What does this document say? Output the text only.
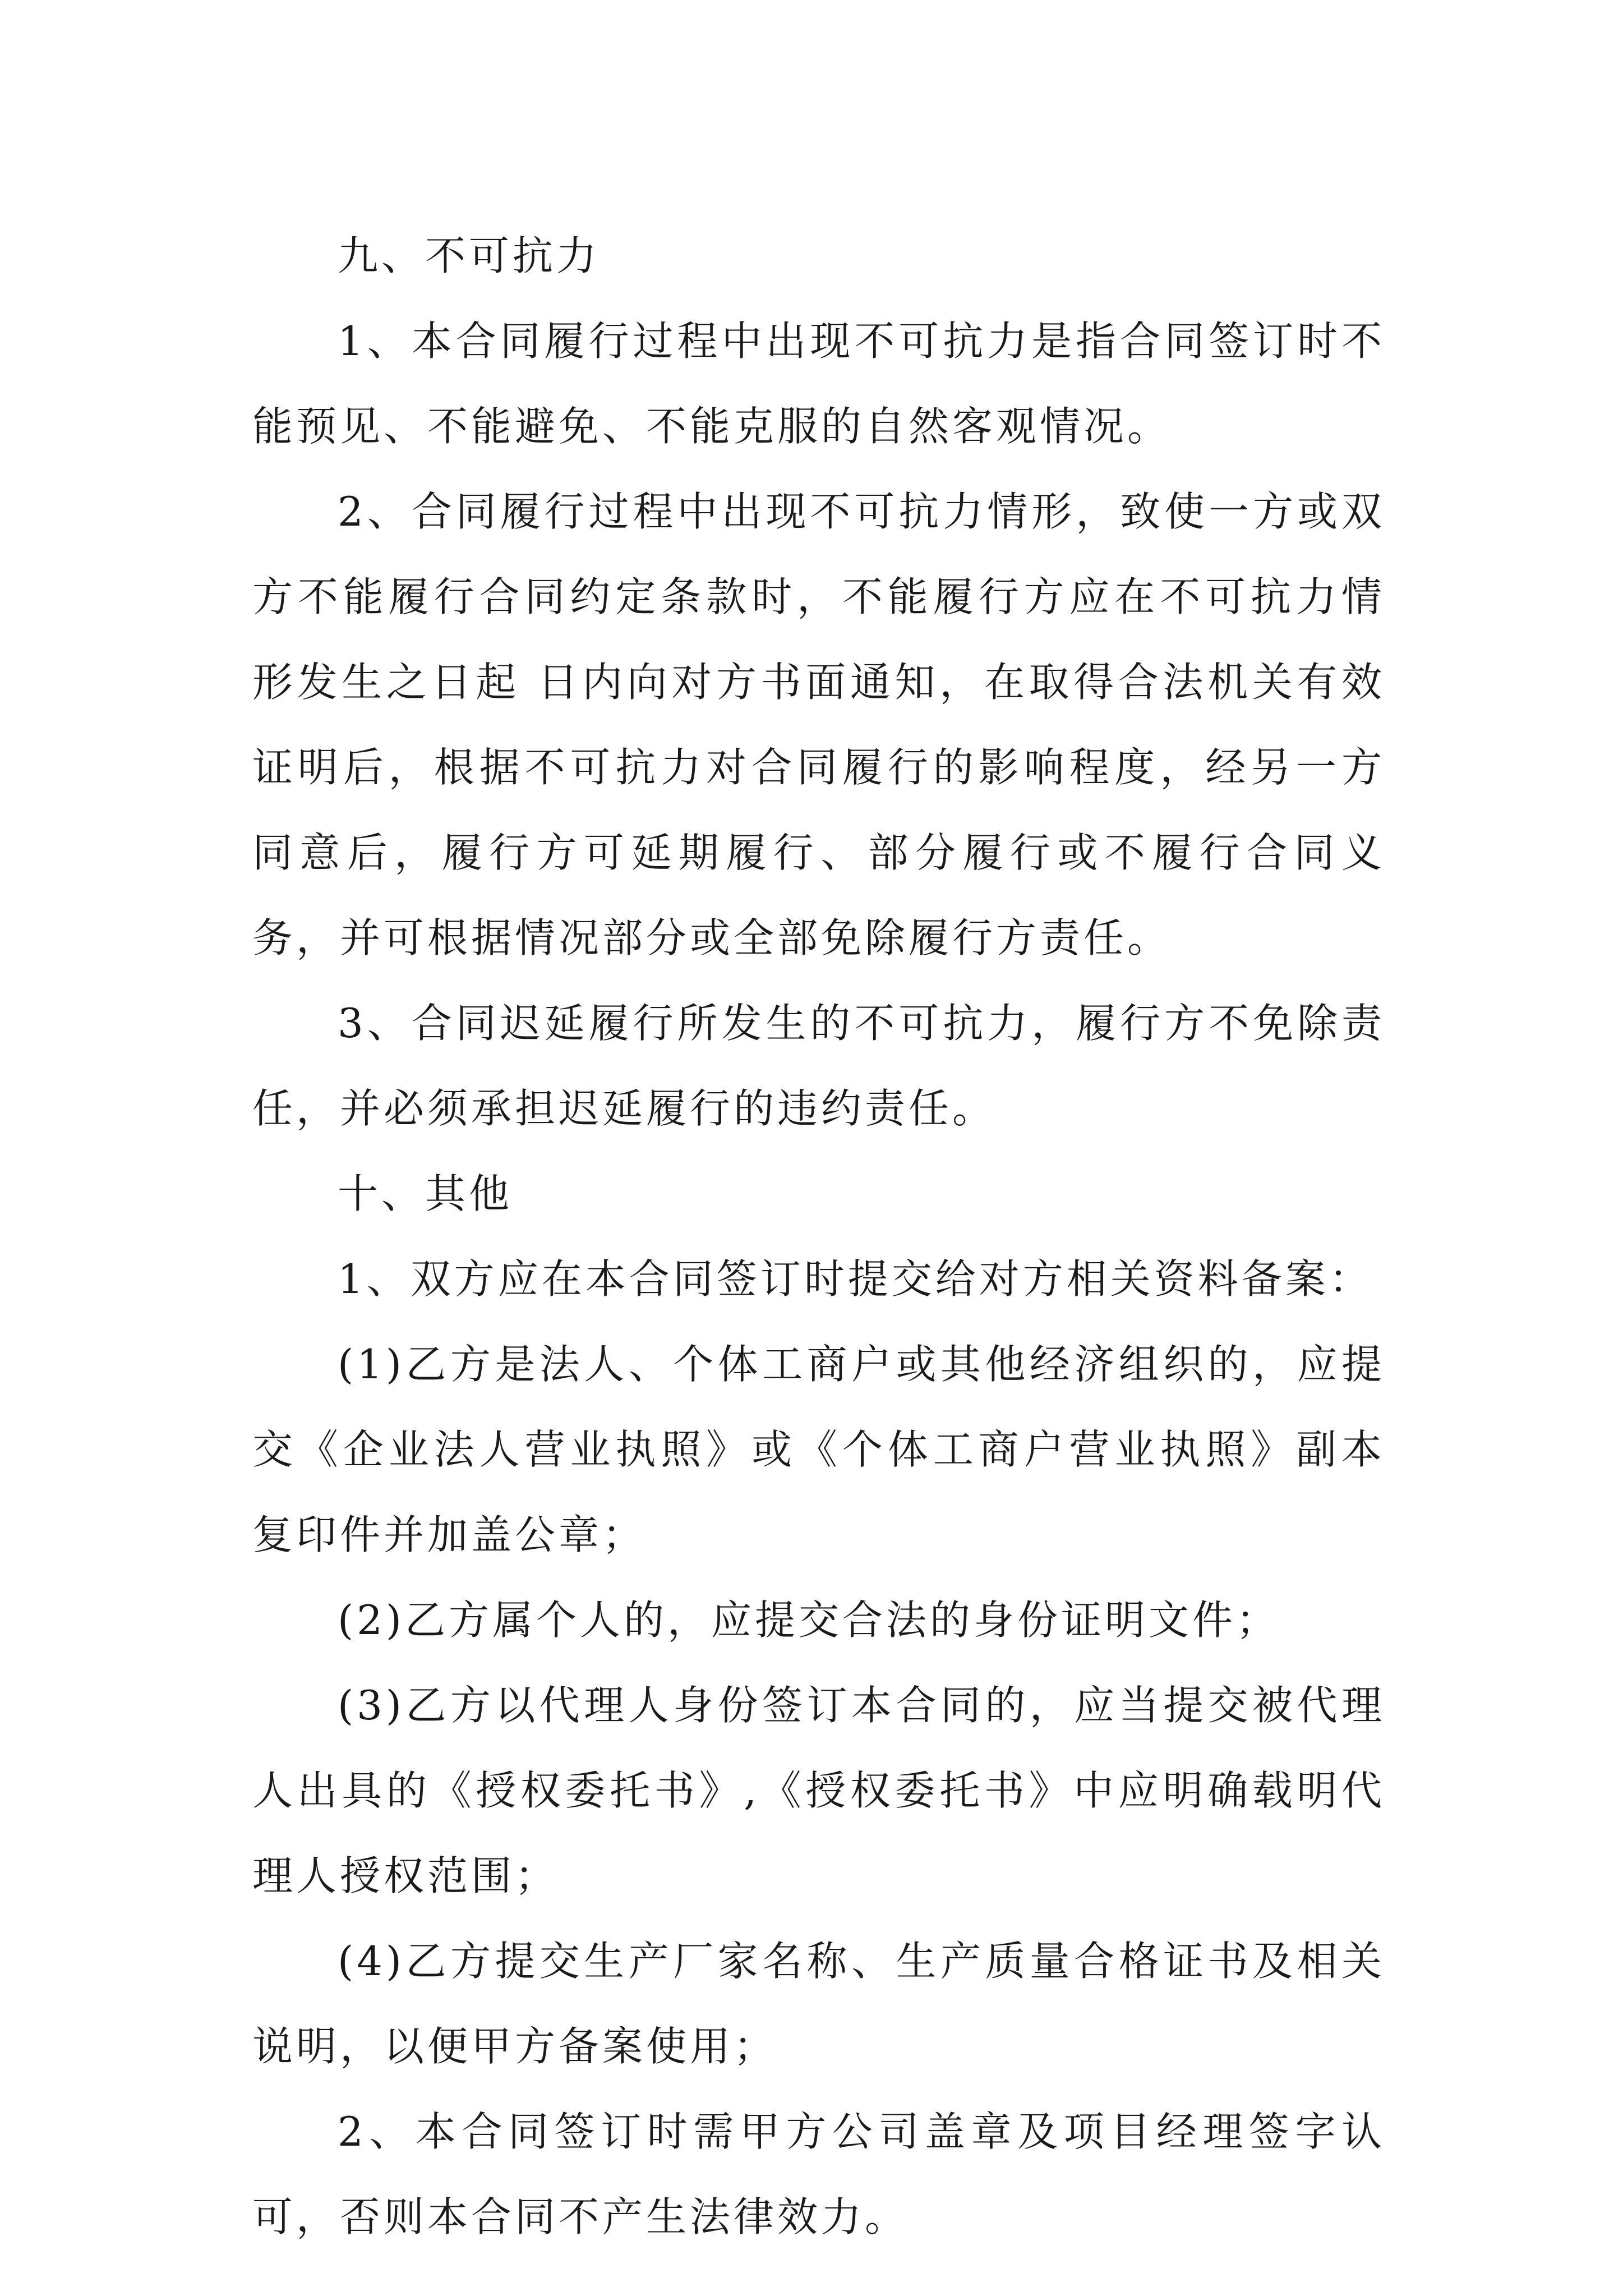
九、不可抗力

1、本合同履行过程中出现不可抗力是指合同签订时不能预见、不能避免、不能克服的自然客观情况。

2、合同履行过程中出现不可抗力情形，致使一方或双方不能履行合同约定条款时，不能履行方应在不可抗力情形发生之日起 日内向对方书面通知，在取得合法机关有效证明后，根据不可抗力对合同履行的影响程度，经另一方同意后，履行方可延期履行、部分履行或不履行合同义务，并可根据情况部分或全部免除履行方责任。

3、合同迟延履行所发生的不可抗力，履行方不免除责任，并必须承担迟延履行的违约责任。

十、其他

1、双方应在本合同签订时提交给对方相关资料备案：

(1)乙方是法人、个体工商户或其他经济组织的，应提交《企业法人营业执照》或《个体工商户营业执照》副本复印件并加盖公章；

(2)乙方属个人的，应提交合法的身份证明文件；

(3)乙方以代理人身份签订本合同的，应当提交被代理人出具的《授权委托书》,《授权委托书》中应明确载明代理人授权范围；

(4)乙方提交生产厂家名称、生产质量合格证书及相关说明，以便甲方备案使用；

2、本合同签订时需甲方公司盖章及项目经理签字认可，否则本合同不产生法律效力。
